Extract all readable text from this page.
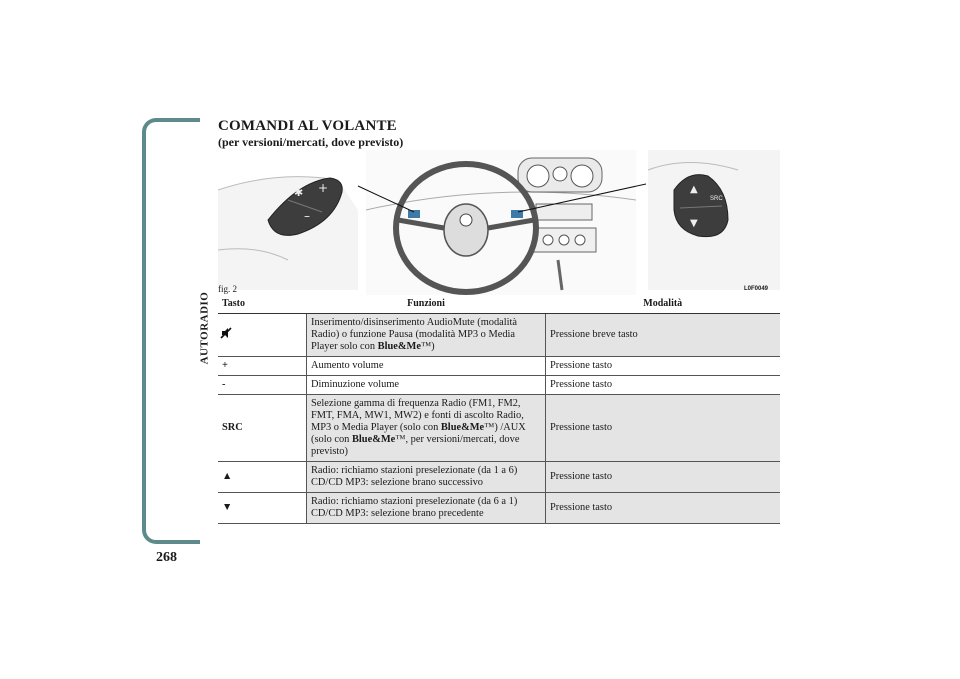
AUTORADIO
268
COMANDI AL VOLANTE
(per versioni/mercati, dove previsto)
✱ +
–
▲
▼
SRC
fig. 2	L0F0049
Tasto	Funzioni	Modalità
	Inserimento/disinserimento AudioMute (modalità Radio) o funzione Pausa (modalità MP3 o Media Player solo con Blue&Me™)	Pressione breve tasto
+	Aumento volume	Pressione tasto
-	Diminuzione volume	Pressione tasto
SRC	Selezione gamma di frequenza Radio (FM1, FM2, FMT, FMA, MW1, MW2) e fonti di ascolto Radio, MP3 o Media Player (solo con Blue&Me™) /AUX (solo con Blue&Me™, per versioni/mercati, dove previsto)	Pressione tasto
▲	Radio: richiamo stazioni preselezionate (da 1 a 6) CD/CD MP3: selezione brano successivo	Pressione tasto
▼	Radio: richiamo stazioni preselezionate (da 6 a 1) CD/CD MP3: selezione brano precedente	Pressione tasto
